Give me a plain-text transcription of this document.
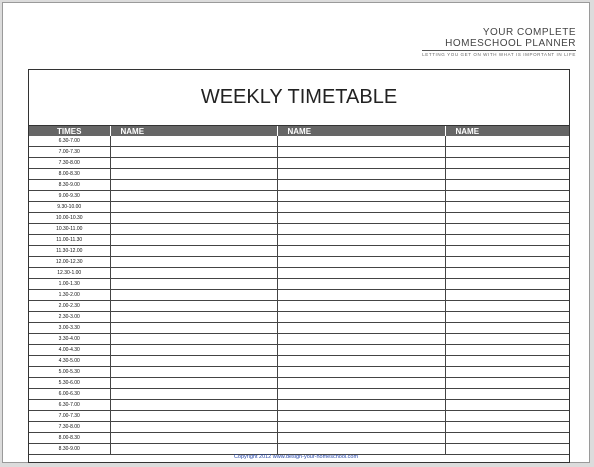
YOUR COMPLETE
HOMESCHOOL PLANNER
LETTING YOU GET ON WITH WHAT IS IMPORTANT IN LIFE
WEEKLY TIMETABLE
TIMES	NAME	NAME	NAME
6.30-7.00			
7.00-7.30			
7.30-8.00			
8.00-8.30			
8.30-9.00			
9.00-9.30			
9.30-10.00			
10.00-10.30			
10.30-11.00			
11.00-11.30			
11.30-12.00			
12.00-12.30			
12.30-1.00			
1.00-1.30			
1.30-2.00			
2.00-2.30			
2.30-3.00			
3.00-3.30			
3.30-4.00			
4.00-4.30			
4.30-5.00			
5.00-5.30			
5.30-6.00			
6.00-6.30			
6.30-7.00			
7.00-7.30			
7.30-8.00			
8.00-8.30			
8.30-9.00			
Copyright 2012 www.design-your-homeschool.com
